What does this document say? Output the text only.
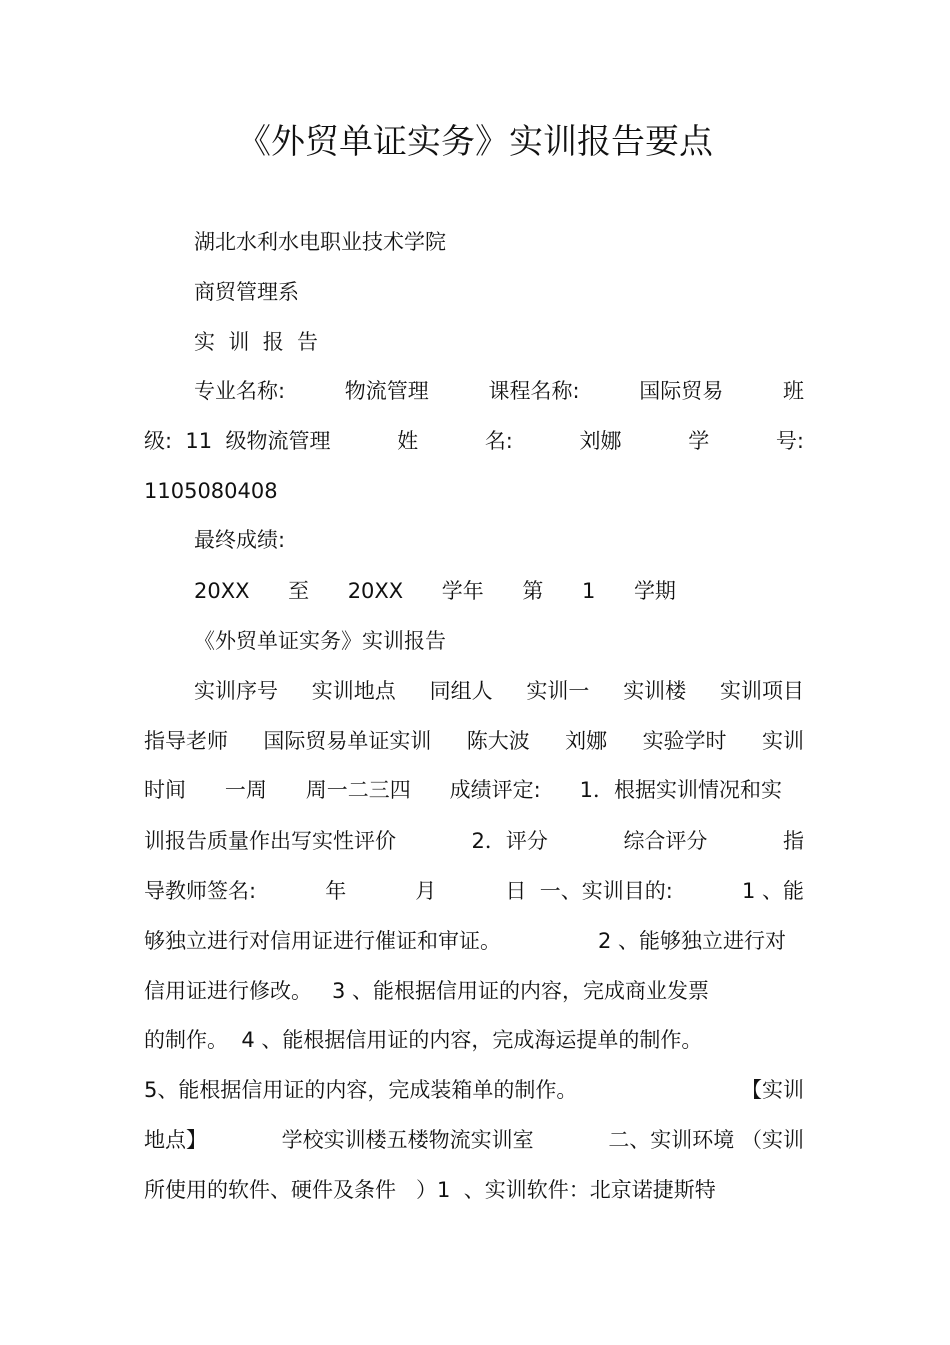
《外贸单证实务》实训报告要点
湖北水利水电职业技术学院
商贸管理系
实  训  报  告
专业名称:	物流管理	课程名称:	国际贸易	班
级:  11  级物流管理	姓	名:	刘娜	学	号:
1105080408
最终成绩:
20XX 至 20XX 学年 第 1 学期
《外贸单证实务》实训报告
实训序号 实训地点 同组人 实训一 实训楼 实训项目
指导老师 国际贸易单证实训 陈大波 刘娜 实验学时 实训
时间 一周 周一二三四 成绩评定: 1．根据实训情况和实
训报告质量作出写实性评价	2．评分	综合评分	指
导教师签名:	年	月	日  一、实训目的:	1 、能
够独立进行对信用证进行催证和审证。	2 、能够独立进行对
信用证进行修改。   3 、能根据信用证的内容，完成商业发票
的制作。  4 、能根据信用证的内容，完成海运提单的制作。
5、能根据信用证的内容，完成装箱单的制作。	【实训
地点】	学校实训楼五楼物流实训室	二、实训环境 （实训
所使用的软件、硬件及条件   ）1  、实训软件：北京诺捷斯特
